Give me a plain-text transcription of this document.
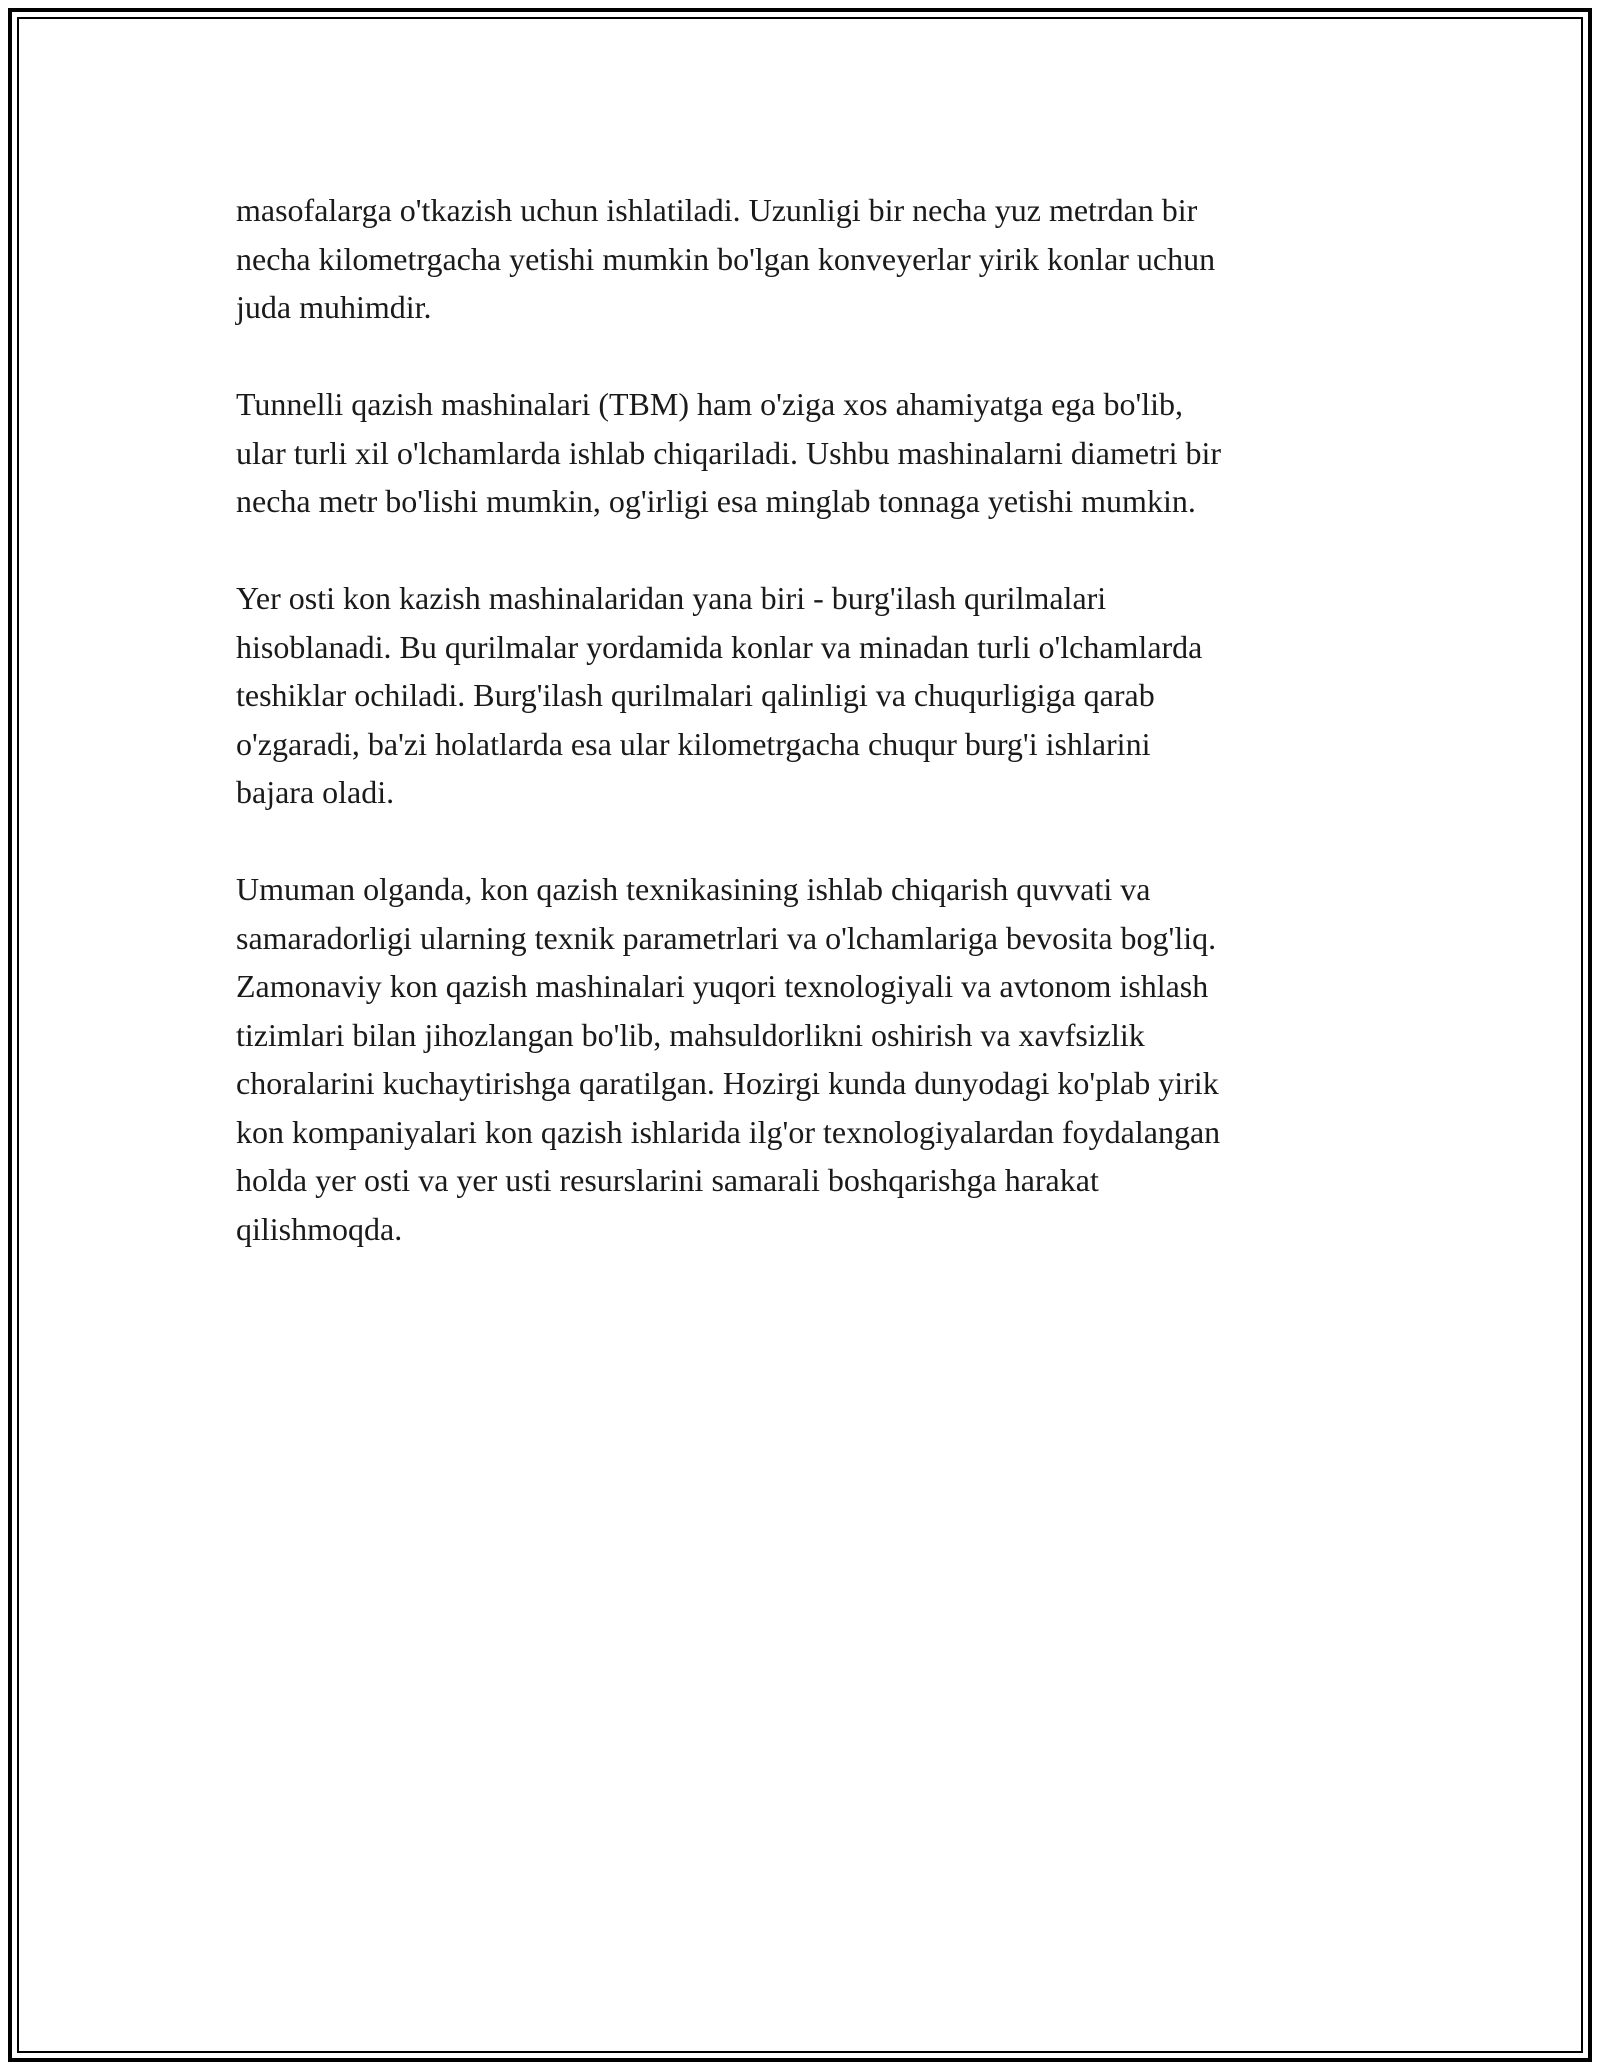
masofalarga o'tkazish uchun ishlatiladi. Uzunligi bir necha yuz metrdan bir
necha kilometrgacha yetishi mumkin bo'lgan konveyerlar yirik konlar uchun
juda muhimdir.

Tunnelli qazish mashinalari (TBM) ham o'ziga xos ahamiyatga ega bo'lib,
ular turli xil o'lchamlarda ishlab chiqariladi. Ushbu mashinalarni diametri bir
necha metr bo'lishi mumkin, og'irligi esa minglab tonnaga yetishi mumkin.

Yer osti kon kazish mashinalaridan yana biri - burg'ilash qurilmalari
hisoblanadi. Bu qurilmalar yordamida konlar va minadan turli o'lchamlarda
teshiklar ochiladi. Burg'ilash qurilmalari qalinligi va chuqurligiga qarab
o'zgaradi, ba'zi holatlarda esa ular kilometrgacha chuqur burg'i ishlarini
bajara oladi.

Umuman olganda, kon qazish texnikasining ishlab chiqarish quvvati va
samaradorligi ularning texnik parametrlari va o'lchamlariga bevosita bog'liq.
Zamonaviy kon qazish mashinalari yuqori texnologiyali va avtonom ishlash
tizimlari bilan jihozlangan bo'lib, mahsuldorlikni oshirish va xavfsizlik
choralarini kuchaytirishga qaratilgan. Hozirgi kunda dunyodagi ko'plab yirik
kon kompaniyalari kon qazish ishlarida ilg'or texnologiyalardan foydalangan
holda yer osti va yer usti resurslarini samarali boshqarishga harakat
qilishmoqda.
